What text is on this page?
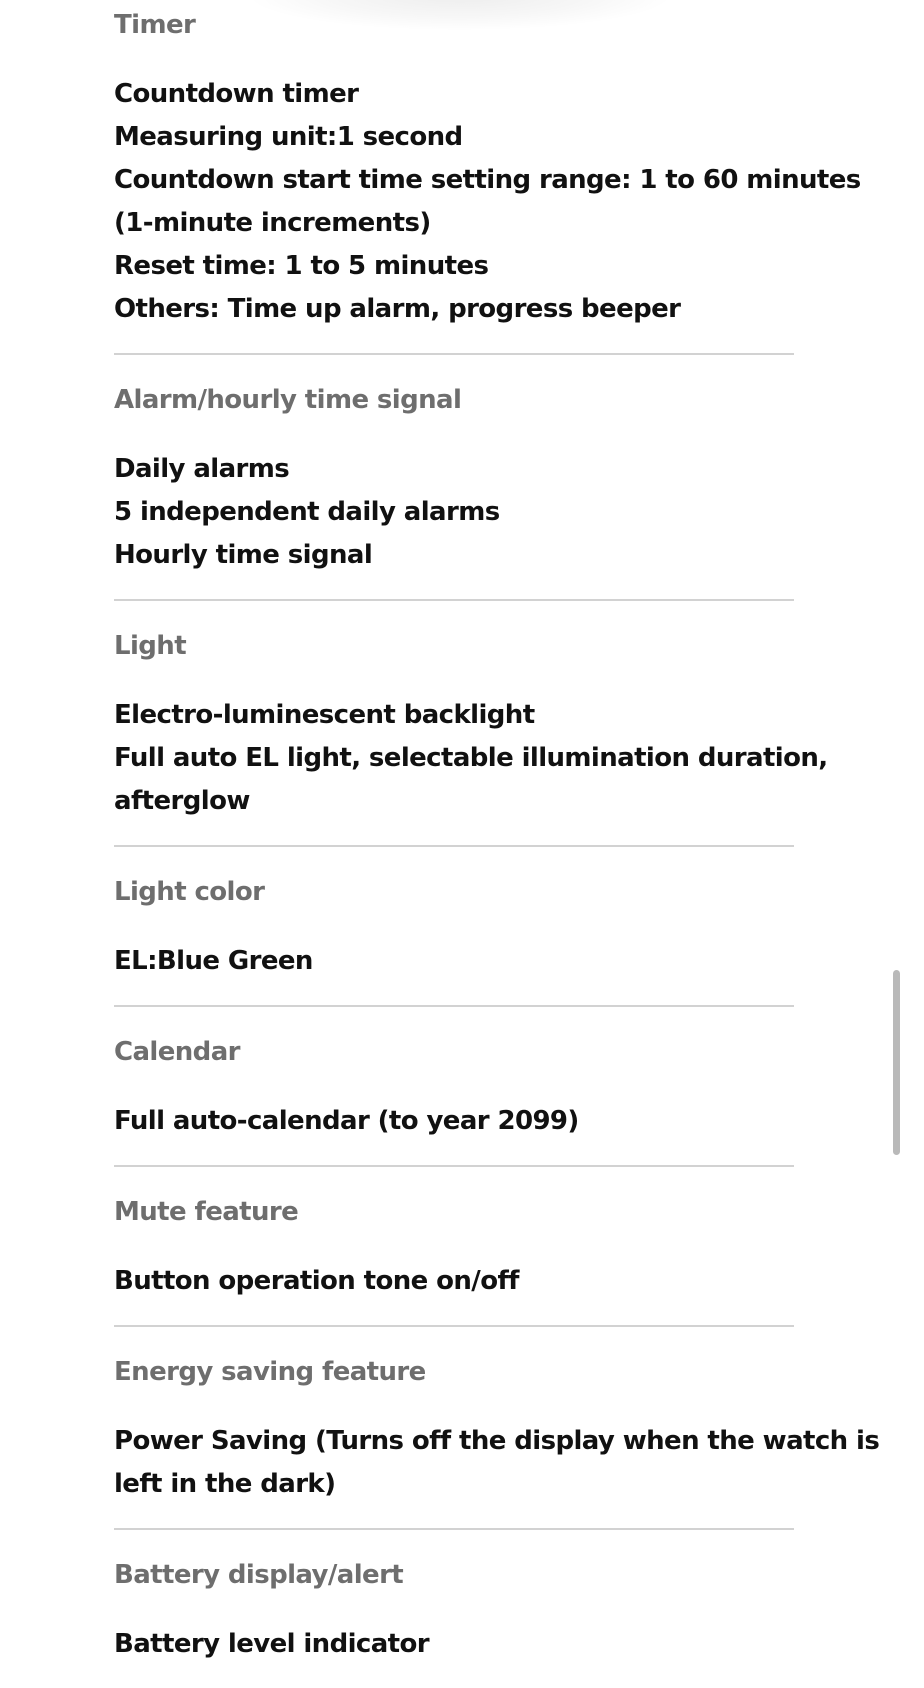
Timer
Countdown timer
Measuring unit:1 second
Countdown start time setting range: 1 to 60 minutes
(1-minute increments)
Reset time: 1 to 5 minutes
Others: Time up alarm, progress beeper
Alarm/hourly time signal
Daily alarms
5 independent daily alarms
Hourly time signal
Light
Electro-luminescent backlight
Full auto EL light, selectable illumination duration,
afterglow
Light color
EL:Blue Green
Calendar
Full auto-calendar (to year 2099)
Mute feature
Button operation tone on/off
Energy saving feature
Power Saving (Turns off the display when the watch is
left in the dark)
Battery display/alert
Battery level indicator
